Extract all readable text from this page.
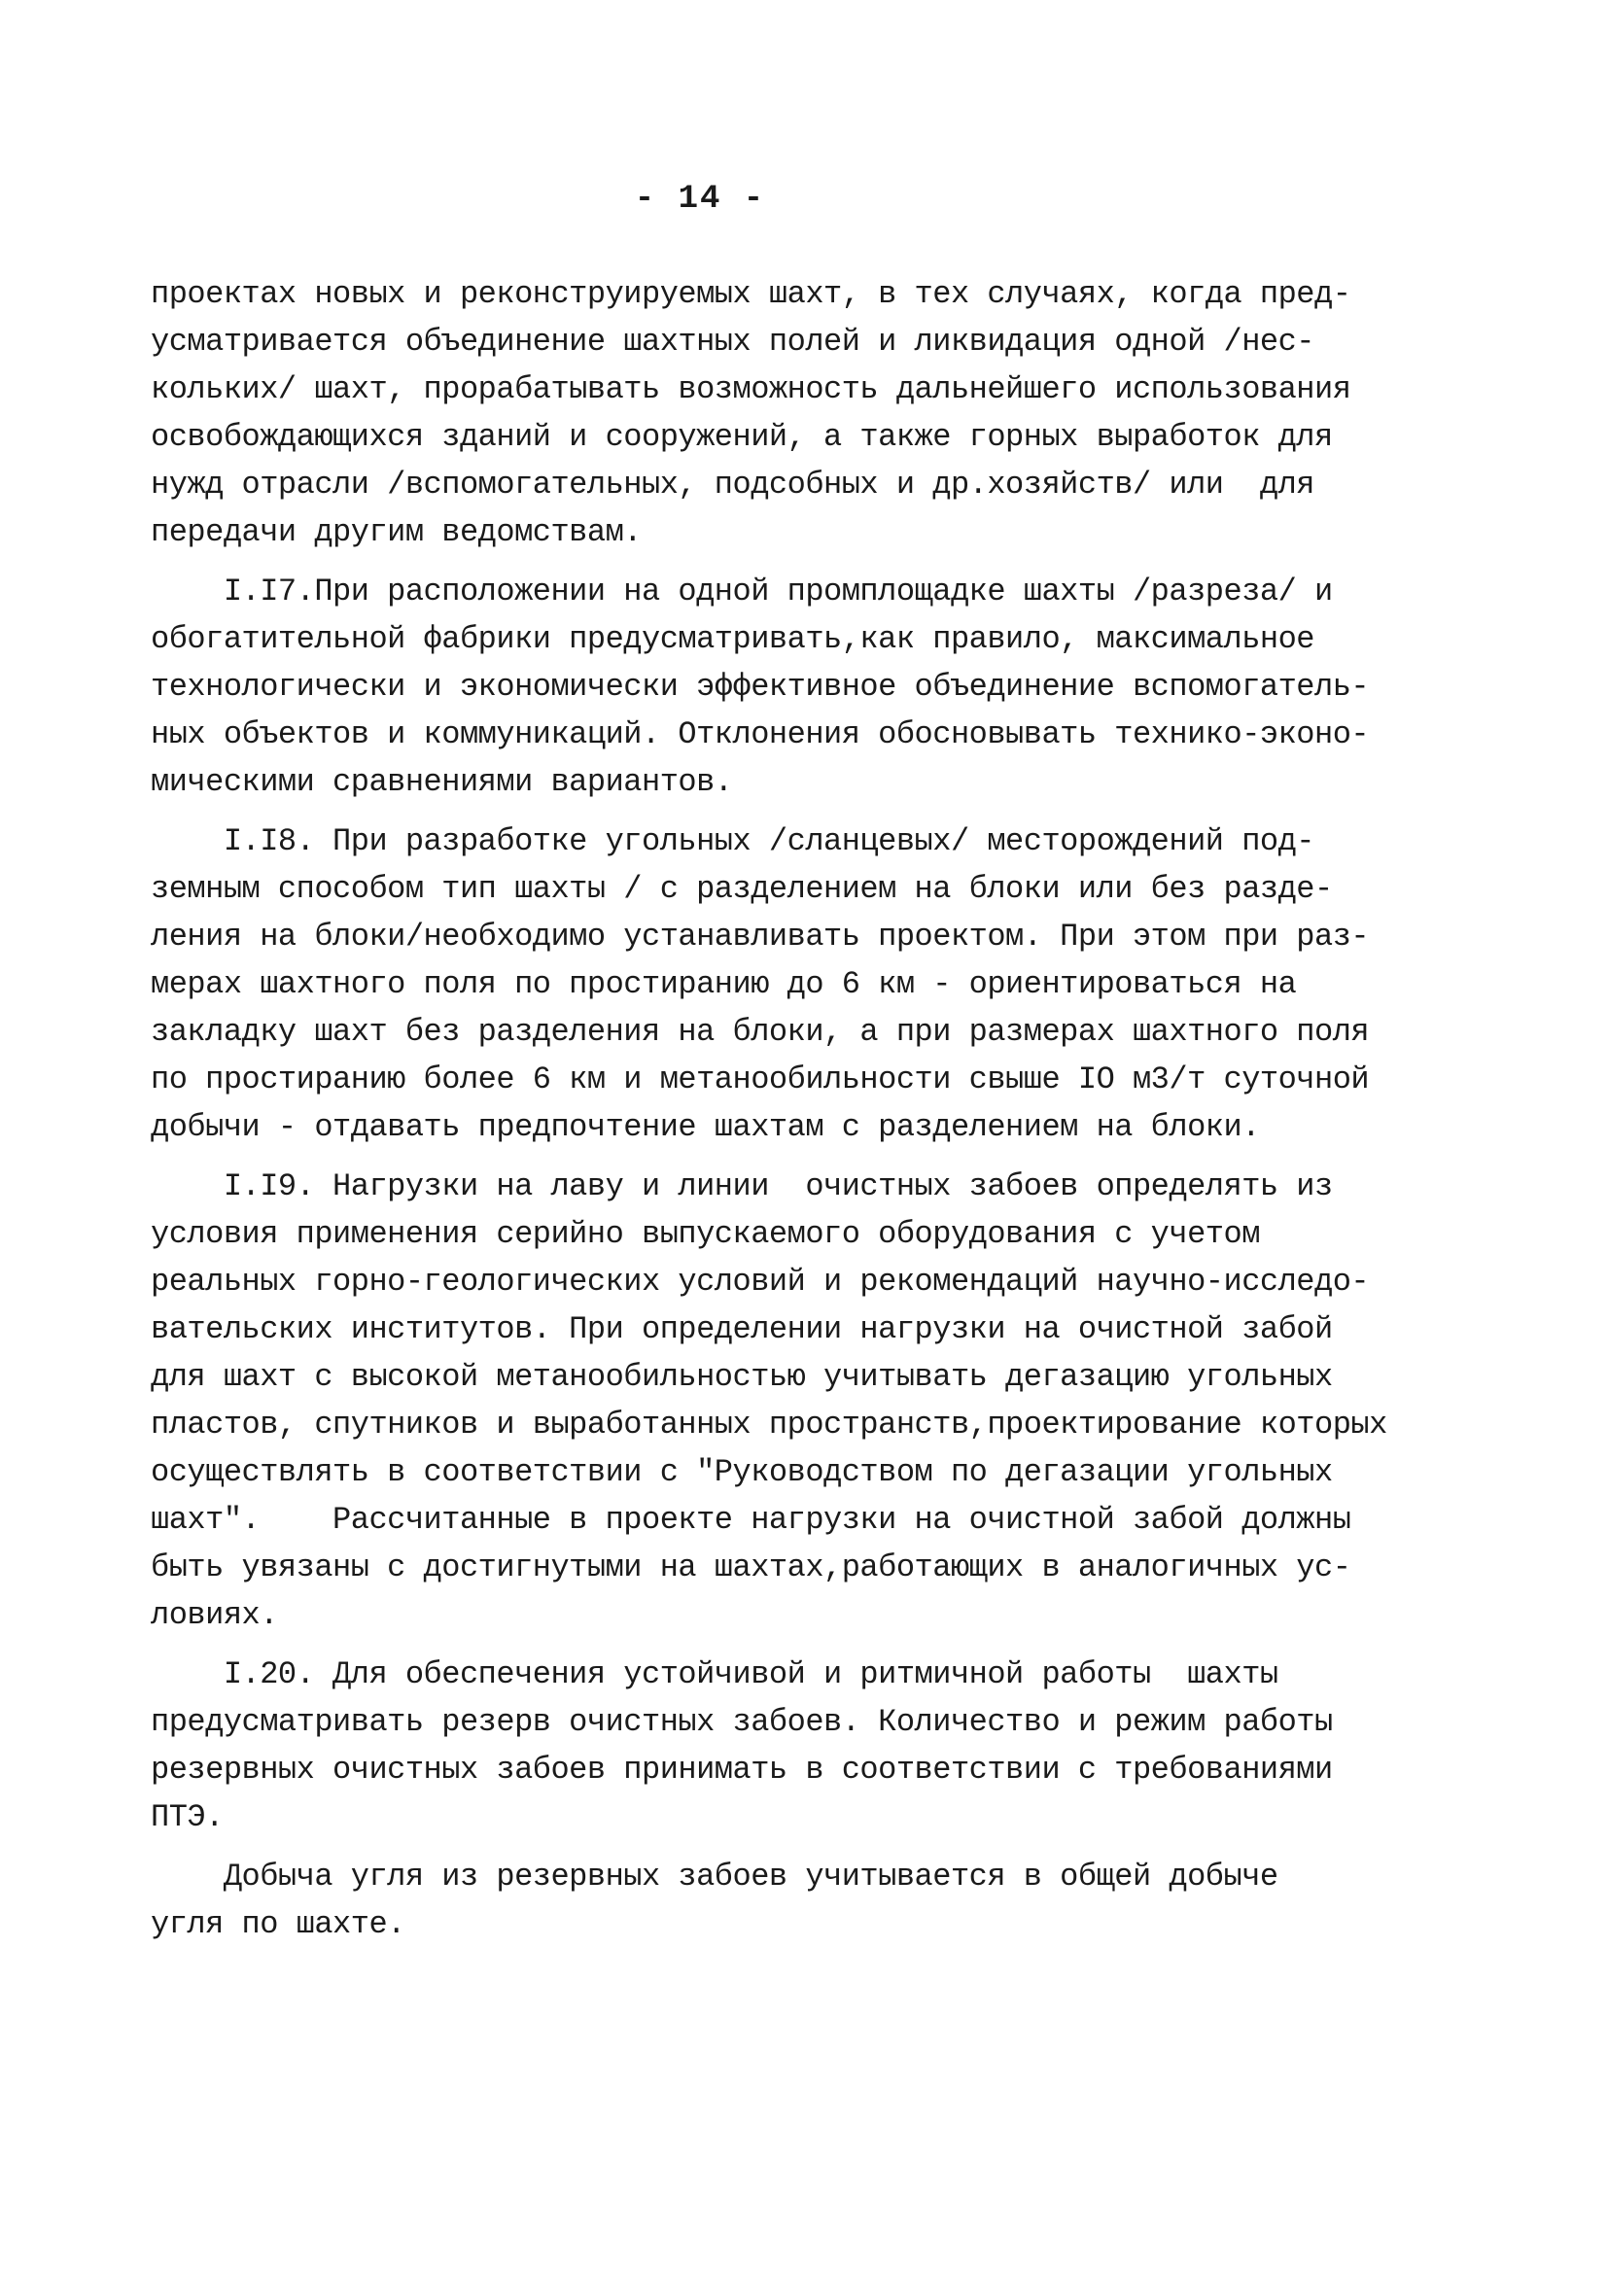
- 14 -
проектах новых и реконструируемых шахт, в тех случаях, когда пред-
усматривается объединение шахтных полей и ликвидация одной /нес-
кольких/ шахт, прорабатывать возможность дальнейшего использования
освобождающихся зданий и сооружений, а также горных выработок для
нужд отрасли /вспомогательных, подсобных и др.хозяйств/ или  для
передачи другим ведомствам.
I.I7.При расположении на одной промплощадке шахты /разреза/ и
обогатительной фабрики предусматривать,как правило, максимальное
технологически и экономически эффективное объединение вспомогатель-
ных объектов и коммуникаций. Отклонения обосновывать технико-эконо-
мическими сравнениями вариантов.
I.I8. При разработке угольных /сланцевых/ месторождений под-
земным способом тип шахты / с разделением на блоки или без разде-
ления на блоки/необходимо устанавливать проектом. При этом при раз-
мерах шахтного поля по простиранию до 6 км - ориентироваться на
закладку шахт без разделения на блоки, а при размерах шахтного поля
по простиранию более 6 км и метанообильности свыше IO м3/т суточной
добычи - отдавать предпочтение шахтам с разделением на блоки.
I.I9. Нагрузки на лаву и линии  очистных забоев определять из
условия применения серийно выпускаемого оборудования с учетом
реальных горно-геологических условий и рекомендаций научно-исследо-
вательских институтов. При определении нагрузки на очистной забой
для шахт с высокой метанообильностью учитывать дегазацию угольных
пластов, спутников и выработанных пространств,проектирование которых
осуществлять в соответствии с "Руководством по дегазации угольных
шахт".    Рассчитанные в проекте нагрузки на очистной забой должны
быть увязаны с достигнутыми на шахтах,работающих в аналогичных ус-
ловиях.
I.20. Для обеспечения устойчивой и ритмичной работы  шахты
предусматривать резерв очистных забоев. Количество и режим работы
резервных очистных забоев принимать в соответствии с требованиями
ПТЭ.
Добыча угля из резервных забоев учитывается в общей добыче
угля по шахте.
